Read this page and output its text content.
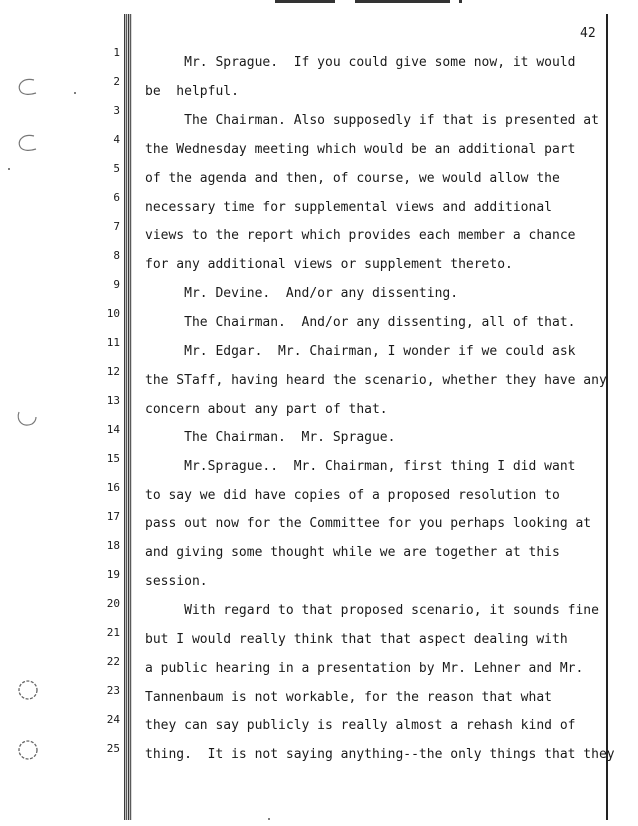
42
1
2
3
4
5
6
7
8
9
10
11
12
13
14
15
16
17
18
19
20
21
22
23
24
25
Mr. Sprague.  If you could give some now, it would
be  helpful.
The Chairman. Also supposedly if that is presented at
the Wednesday meeting which would be an additional part
of the agenda and then, of course, we would allow the
necessary time for supplemental views and additional
views to the report which provides each member a chance
for any additional views or supplement thereto.
Mr. Devine.  And/or any dissenting.
The Chairman.  And/or any dissenting, all of that.
Mr. Edgar.  Mr. Chairman, I wonder if we could ask
the STaff, having heard the scenario, whether they have any
concern about any part of that.
The Chairman.  Mr. Sprague.
Mr.Sprague..  Mr. Chairman, first thing I did want
to say we did have copies of a proposed resolution to
pass out now for the Committee for you perhaps looking at
and giving some thought while we are together at this
session.
With regard to that proposed scenario, it sounds fine
but I would really think that that aspect dealing with
a public hearing in a presentation by Mr. Lehner and Mr.
Tannenbaum is not workable, for the reason that what
they can say publicly is really almost a rehash kind of
thing.  It is not saying anything--the only things that they
